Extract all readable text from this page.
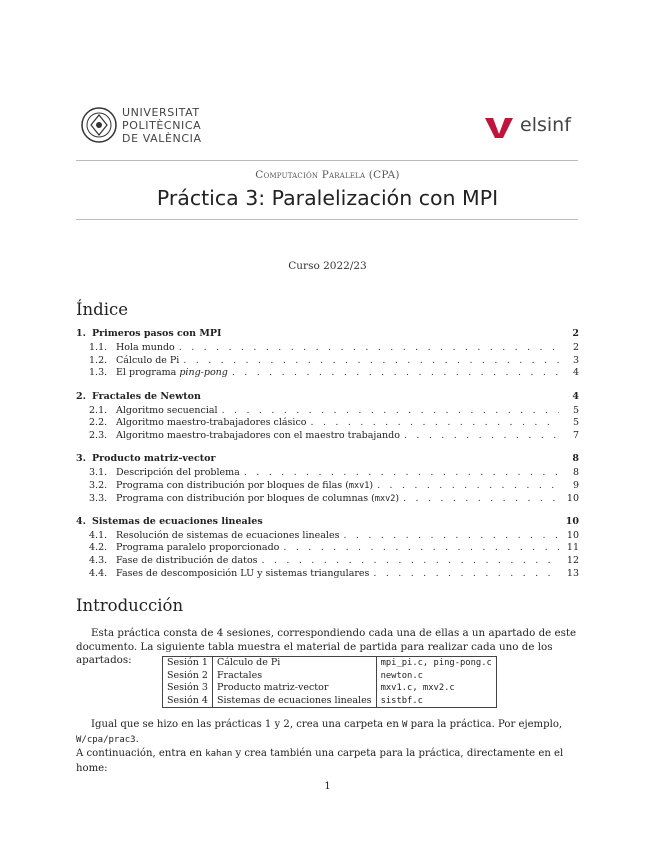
UNIVERSITAT
POLITÈCNICA
DE VALÈNCIA
elsinf
Computación Paralela (CPA)
Práctica 3: Paralelización con MPI
Curso 2022/23
Índice
1. Primeros pasos con MPI	2
1.1. Hola mundo . . .	2
1.2. Cálculo de Pi . . .	3
1.3. El programa ping-pong . . .	4
2. Fractales de Newton	4
2.1. Algoritmo secuencial . . .	5
2.2. Algoritmo maestro-trabajadores clásico . . .	5
2.3. Algoritmo maestro-trabajadores con el maestro trabajando . . .	7
3. Producto matriz-vector	8
3.1. Descripción del problema . . .	8
3.2. Programa con distribución por bloques de filas (mxv1) . . .	9
3.3. Programa con distribución por bloques de columnas (mxv2) . . .	10
4. Sistemas de ecuaciones lineales	10
4.1. Resolución de sistemas de ecuaciones lineales . . .	10
4.2. Programa paralelo proporcionado . . .	11
4.3. Fase de distribución de datos . . .	12
4.4. Fases de descomposición LU y sistemas triangulares . . .	13
Introducción
Esta práctica consta de 4 sesiones, correspondiendo cada una de ellas a un apartado de este documento. La siguiente tabla muestra el material de partida para realizar cada uno de los apartados:	Sesión 1	Cálculo de Pi	mpi_pi.c, ping-pong.c
Sesión 2	Fractales	newton.c
Sesión 3	Producto matriz-vector	mxv1.c, mxv2.c
Sesión 4	Sistemas de ecuaciones lineales	sistbf.c
Igual que se hizo en las prácticas 1 y 2, crea una carpeta en W para la práctica. Por ejemplo, W/cpa/prac3.
A continuación, entra en kahan y crea también una carpeta para la práctica, directamente en el home:
1
